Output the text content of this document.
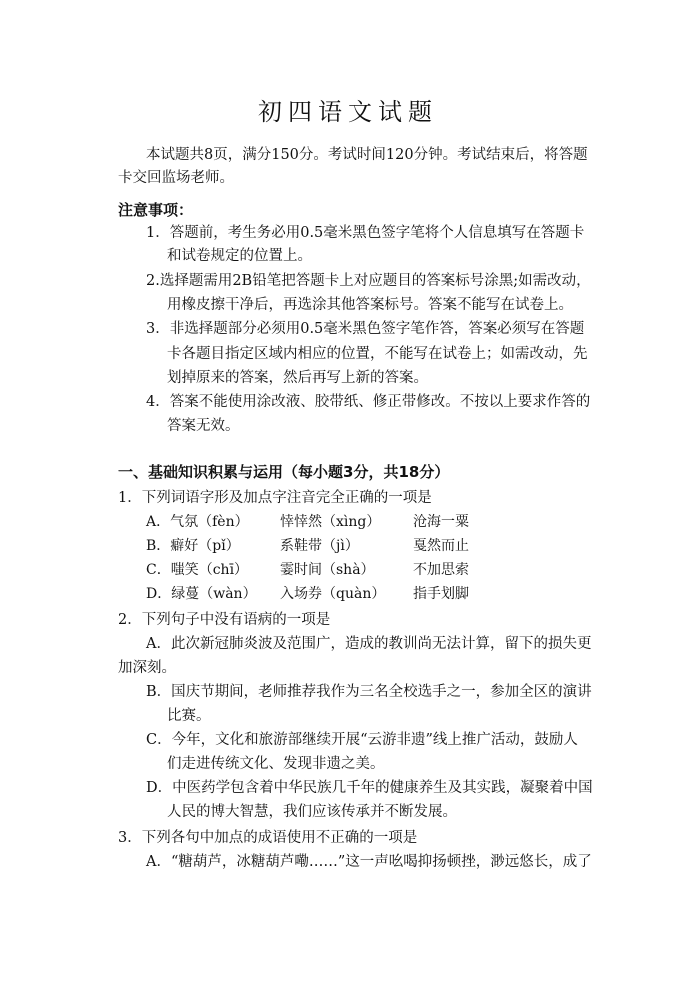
初四语文试题
本试题共8页，满分150分。考试时间120分钟。考试结束后，将答题
卡交回监场老师。
注意事项：
1．答题前，考生务必用0.5毫米黑色签字笔将个人信息填写在答题卡
和试卷规定的位置上。
2.选择题需用2B铅笔把答题卡上对应题目的答案标号涂黑;如需改动，
用橡皮擦干净后，再选涂其他答案标号。答案不能写在试卷上。
3．非选择题部分必须用0.5毫米黑色签字笔作答，答案必须写在答题
卡各题目指定区域内相应的位置，不能写在试卷上；如需改动，先
划掉原来的答案，然后再写上新的答案。
4．答案不能使用涂改液、胶带纸、修正带修改。不按以上要求作答的
答案无效。
一、基础知识积累与运用（每小题3分，共18分）
1．下列词语字形及加点字注音完全正确的一项是
A．气氛（fèn） 悻悻然（xìng） 沧海一粟
B．癖好（pǐ）	系鞋带（jì）	戛然而止
C．嗤笑（chī） 霎时间（shà）	不加思索
D．绿蔓（wàn） 入场券（quàn） 指手划脚
2．下列句子中没有语病的一项是
A．此次新冠肺炎波及范围广，造成的教训尚无法计算，留下的损失更
加深刻。
B．国庆节期间，老师推荐我作为三名全校选手之一，参加全区的演讲
比赛。
C．今年，文化和旅游部继续开展“云游非遗”线上推广活动，鼓励人
们走进传统文化、发现非遗之美。
D．中医药学包含着中华民族几千年的健康养生及其实践，凝聚着中国
人民的博大智慧，我们应该传承并不断发展。
3．下列各句中加点的成语使用不正确的一项是
A．“糖葫芦，冰糖葫芦嘞……”这一声吆喝抑扬顿挫，渺远悠长，成了
